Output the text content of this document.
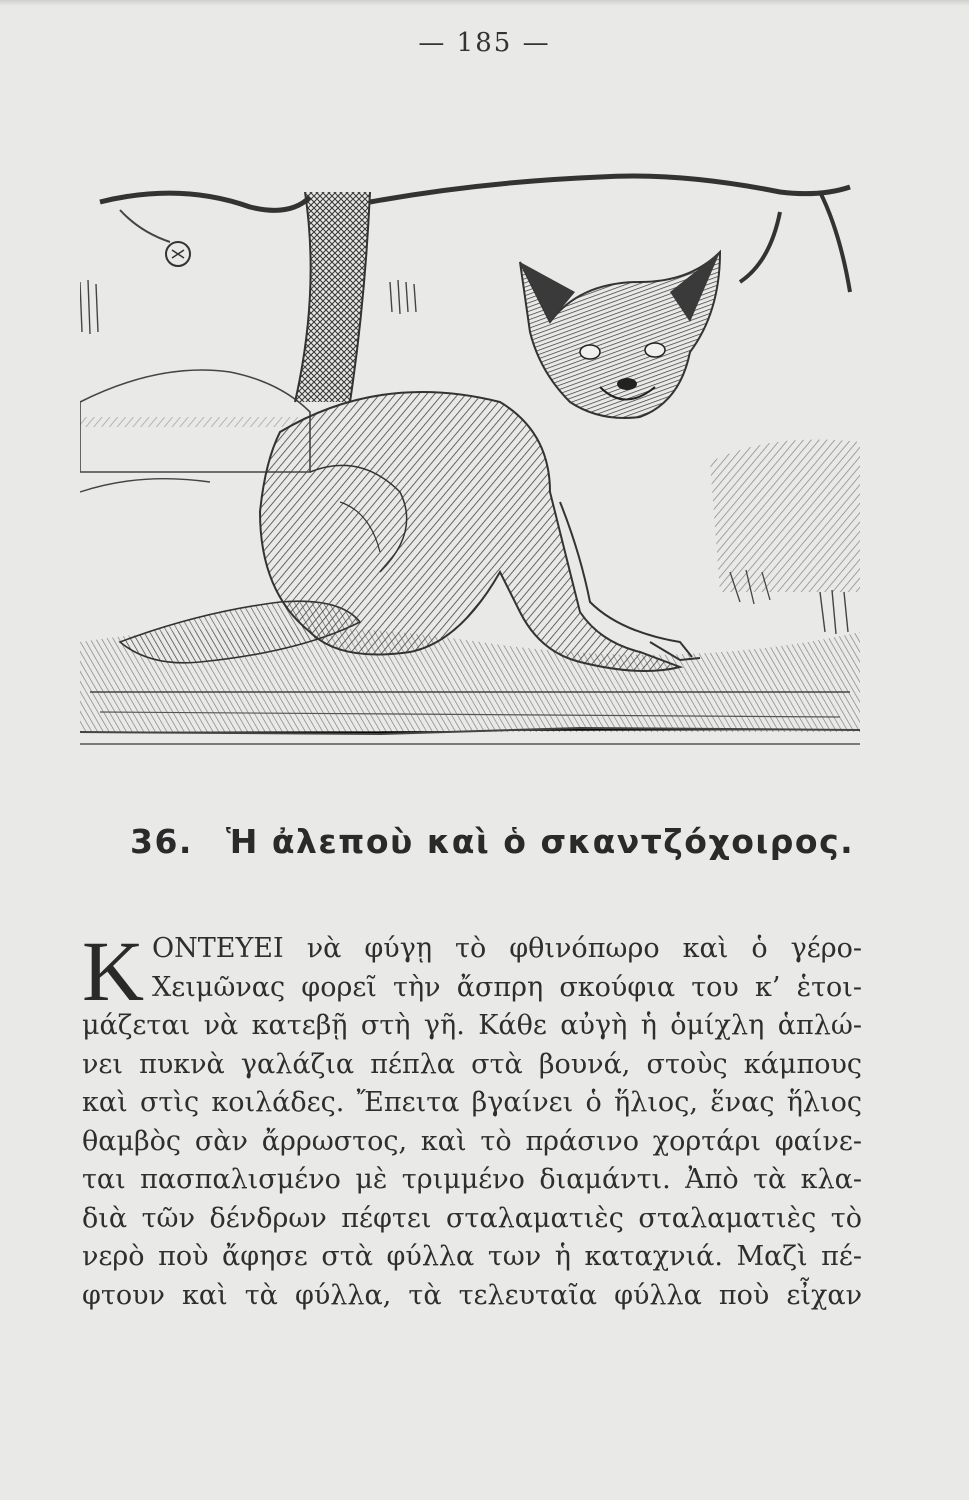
— 185 —
36. Ἡ ἀλεποὺ καὶ ὁ σκαντζόχοιρος.
K ONTEYEI νὰ φύγῃ τὸ φθινόπωρο καὶ ὁ γέρο-
Χειμῶνας φορεῖ τὴν ἄσπρη σκούφια του κ’ ἑτοι-
μάζεται νὰ κατεβῇ στὴ γῆ. Κάθε αὐγὴ ἡ ὁμίχλη ἁπλώ-
νει πυκνὰ γαλάζια πέπλα στὰ βουνά, στοὺς κάμπους
καὶ στὶς κοιλάδες. Ἔπειτα βγαίνει ὁ ἥλιος, ἕνας ἥλιος
θαμβὸς σὰν ἄρρωστος, καὶ τὸ πράσινο χορτάρι φαίνε-
ται πασπαλισμένο μὲ τριμμένο διαμάντι. Ἀπὸ τὰ κλα-
διὰ τῶν δένδρων πέφτει σταλαματιὲς σταλαματιὲς τὸ
νερὸ ποὺ ἄφησε στὰ φύλλα των ἡ καταχνιά. Μαζὶ πέ-
φτουν καὶ τὰ φύλλα, τὰ τελευταῖα φύλλα ποὺ εἶχαν
